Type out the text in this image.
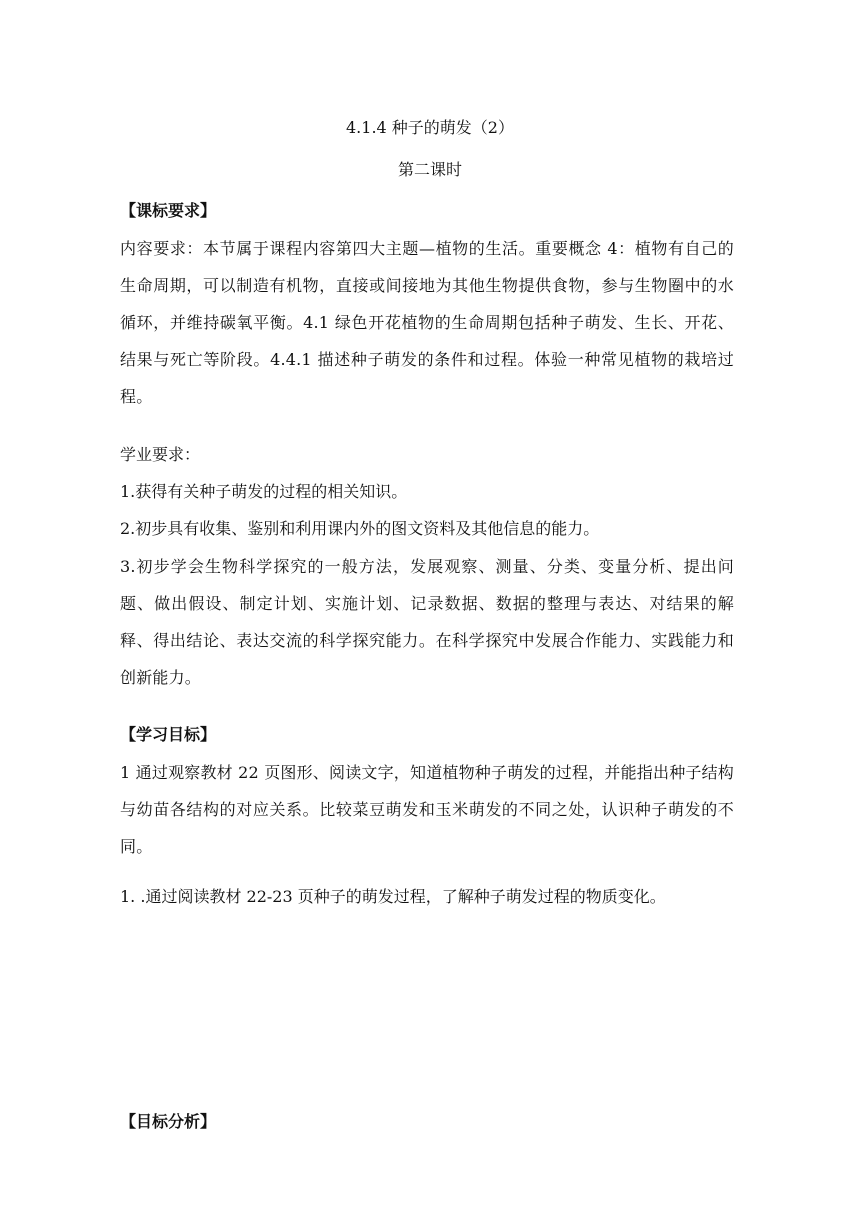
4.1.4 种子的萌发（2）
第二课时
【课标要求】
内容要求：本节属于课程内容第四大主题—植物的生活。重要概念 4：植物有自己的生命周期，可以制造有机物，直接或间接地为其他生物提供食物，参与生物圈中的水循环，并维持碳氧平衡。4.1 绿色开花植物的生命周期包括种子萌发、生长、开花、结果与死亡等阶段。4.4.1 描述种子萌发的条件和过程。体验一种常见植物的栽培过程。
学业要求：
1.获得有关种子萌发的过程的相关知识。
2.初步具有收集、鉴别和利用课内外的图文资料及其他信息的能力。
3.初步学会生物科学探究的一般方法，发展观察、测量、分类、变量分析、提出问题、做出假设、制定计划、实施计划、记录数据、数据的整理与表达、对结果的解释、得出结论、表达交流的科学探究能力。在科学探究中发展合作能力、实践能力和创新能力。
【学习目标】
1 通过观察教材 22 页图形、阅读文字，知道植物种子萌发的过程，并能指出种子结构与幼苗各结构的对应关系。比较菜豆萌发和玉米萌发的不同之处，认识种子萌发的不同。
1. .通过阅读教材 22-23 页种子的萌发过程，了解种子萌发过程的物质变化。
【目标分析】
